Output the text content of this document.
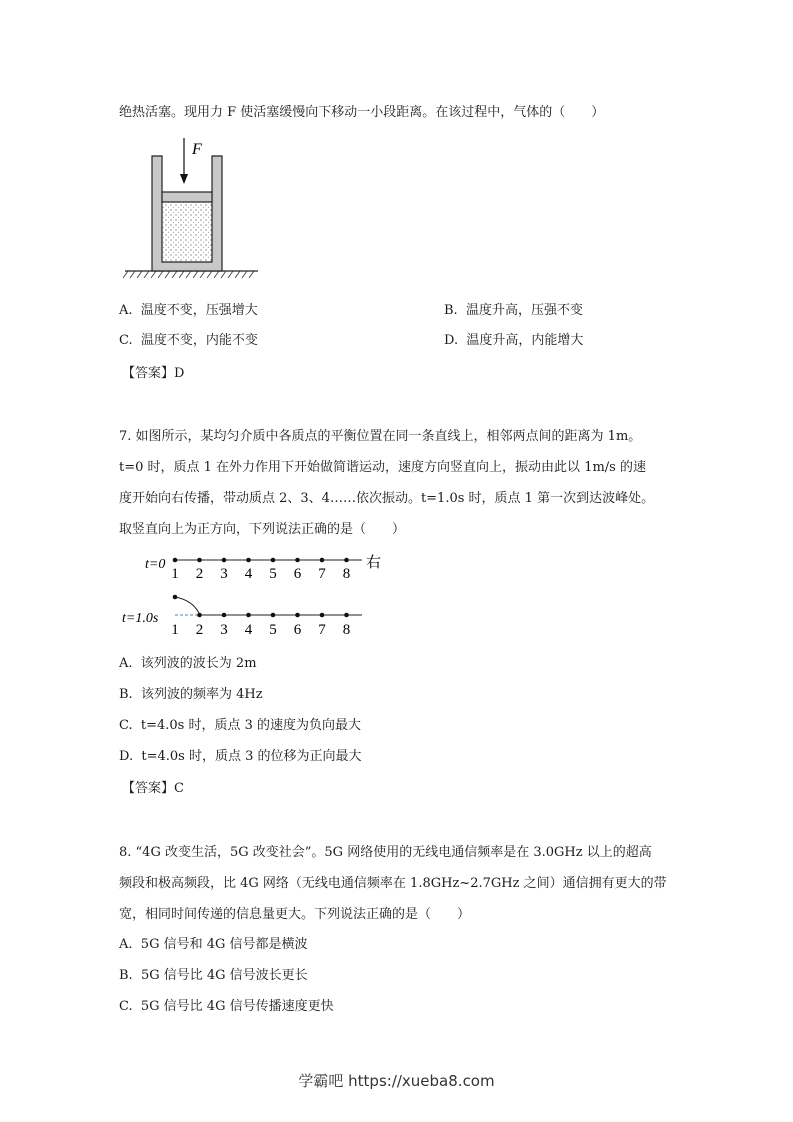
绝热活塞。现用力 F 使活塞缓慢向下移动一小段距离。在该过程中，气体的（　　）
F
A. 温度不变，压强增大	B. 温度升高，压强不变
C. 温度不变，内能不变	D. 温度升高，内能增大
【答案】D
7. 如图所示，某均匀介质中各质点的平衡位置在同一条直线上，相邻两点间的距离为 1m。
t=0 时，质点 1 在外力作用下开始做简谐运动，速度方向竖直向上，振动由此以 1m/s 的速
度开始向右传播，带动质点 2、3、4……依次振动。t=1.0s 时，质点 1 第一次到达波峰处。
取竖直向上为正方向，下列说法正确的是（　　）
t=0	右
1 2 3 4 5 6 7 8
t=1.0s
1 2 3 4 5 6 7 8
A. 该列波的波长为 2m
B. 该列波的频率为 4Hz
C. t=4.0s 时，质点 3 的速度为负向最大
D. t=4.0s 时，质点 3 的位移为正向最大
【答案】C
8. “4G 改变生活，5G 改变社会”。5G 网络使用的无线电通信频率是在 3.0GHz 以上的超高
频段和极高频段，比 4G 网络（无线电通信频率在 1.8GHz~2.7GHz 之间）通信拥有更大的带
宽，相同时间传递的信息量更大。下列说法正确的是（　　）
A. 5G 信号和 4G 信号都是横波
B. 5G 信号比 4G 信号波长更长
C. 5G 信号比 4G 信号传播速度更快
学霸吧 https://xueba8.com
